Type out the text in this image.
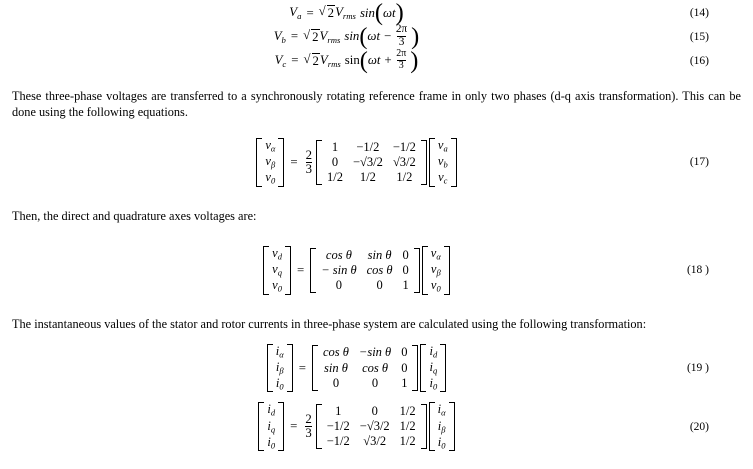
$V_a$ =	√ 2 $V_{rms}$ sin ( ωt )	(14)
$V_b$ =	√ 2 $V_{rms}$ sin ( $\omega t - \frac{2\pi}{3}$ )	(15)
$V_c$ =	√ 2 $V_{rms}$ sin ( $\omega t + \frac{2\pi}{3}$ )	(16)

These three-phase voltages are transferred to a synchronously rotating reference frame in only two phases (d-q axis transformation). This can be done using the following equations.

$v_\alpha$
$v_\beta$
$v_0$
= $\frac{2}{3}$
1	−1/2	−1/2
0	−√3/2	√3/2
1/2	1/2	1/2
$v_a$
$v_b$
$v_c$
(17)

Then, the direct and quadrature axes voltages are:

$v_d$
$v_q$
$v_0$
=
cos θ	sin θ	0
− sin θ	cos θ	0
0	0	1
$v_\alpha$
$v_\beta$
$v_0$
(18 )

The instantaneous values of the stator and rotor currents in three-phase system are calculated using the following transformation:

$i_\alpha$
$i_\beta$
$i_0$
=
cos θ	−sin θ	0
sin θ	cos θ	0
0	0	1
$i_d$
$i_q$
$i_0$
(19 )
$i_d$
$i_q$
$i_0$
= $\frac{2}{3}$
1	0	1/2
−1/2	−√3/2	1/2
−1/2	√3/2	1/2
$i_\alpha$
$i_\beta$
$i_0$
(20)
